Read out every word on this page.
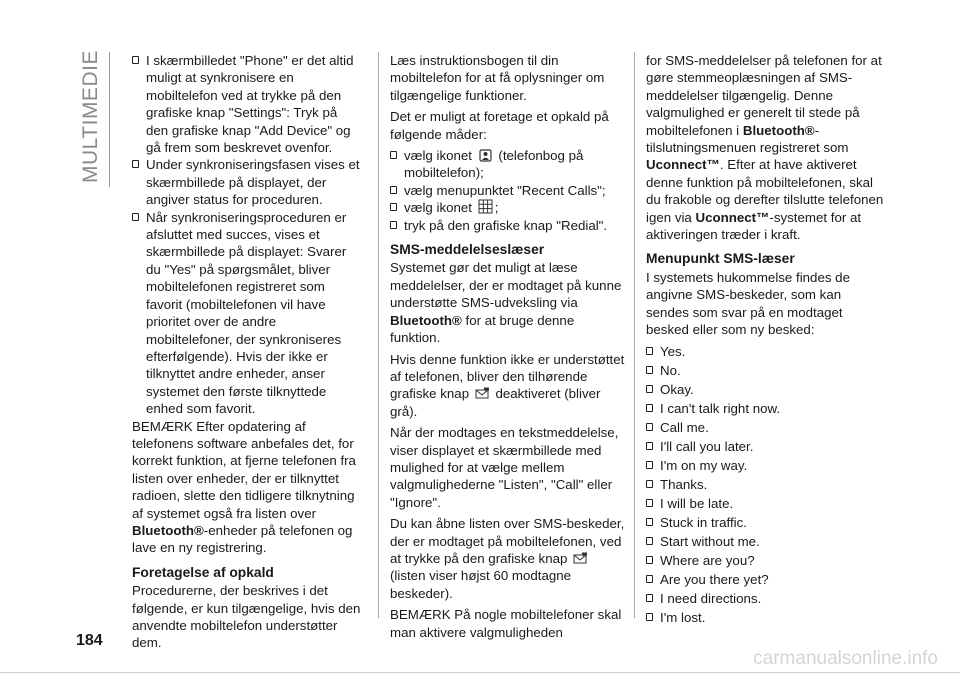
MULTIMEDIE	I skærmbilledet "Phone" er det altid muligt at synkronisere en mobiltelefon ved at trykke på den grafiske knap "Settings": Tryk på den grafiske knap "Add Device" og gå frem som beskrevet ovenfor.

Under synkroniseringsfasen vises et skærmbillede på displayet, der angiver status for proceduren.

Når synkroniseringsproceduren er afsluttet med succes, vises et skærmbillede på displayet: Svarer du "Yes" på spørgsmålet, bliver mobiltelefonen registreret som favorit (mobiltelefonen vil have prioritet over de andre mobiltelefoner, der synkroniseres efterfølgende). Hvis der ikke er tilknyttet andre enheder, anser systemet den første tilknyttede enhed som favorit.

BEMÆRK Efter opdatering af telefonens software anbefales det, for korrekt funktion, at fjerne telefonen fra listen over enheder, der er tilknyttet radioen, slette den tidligere tilknytning af systemet også fra listen over Bluetooth®-enheder på telefonen og lave en ny registrering.

Foretagelse af opkald

Procedurerne, der beskrives i det følgende, er kun tilgængelige, hvis den anvendte mobiltelefon understøtter dem.

Læs instruktionsbogen til din mobiltelefon for at få oplysninger om tilgængelige funktioner.

Det er muligt at foretage et opkald på følgende måder:

vælg ikonet  (telefonbog på mobiltelefon);

vælg menupunktet "Recent Calls";

vælg ikonet ;

tryk på den grafiske knap "Redial".

SMS-meddelelseslæser

Systemet gør det muligt at læse meddelelser, der er modtaget på kunne understøtte SMS-udveksling via Bluetooth® for at bruge denne funktion.

Hvis denne funktion ikke er understøttet af telefonen, bliver den tilhørende grafiske knap  deaktiveret (bliver grå).

Når der modtages en tekstmeddelelse, viser displayet et skærmbillede med mulighed for at vælge mellem valgmulighederne "Listen", "Call" eller "Ignore".

Du kan åbne listen over SMS-beskeder, der er modtaget på mobiltelefonen, ved at trykke på den grafiske knap  (listen viser højst 60 modtagne beskeder).

BEMÆRK På nogle mobiltelefoner skal man aktivere valgmuligheden

for SMS-meddelelser på telefonen for at gøre stemmeoplæsningen af SMS-meddelelser tilgængelig. Denne valgmulighed er generelt til stede på mobiltelefonen i Bluetooth®-tilslutningsmenuen registreret som Uconnect™. Efter at have aktiveret denne funktion på mobiltelefonen, skal du frakoble og derefter tilslutte telefonen igen via Uconnect™-systemet for at aktiveringen træder i kraft.

Menupunkt SMS-læser

I systemets hukommelse findes de angivne SMS-beskeder, som kan sendes som svar på en modtaget besked eller som ny besked:

Yes.

No.

Okay.

I can't talk right now.

Call me.

I'll call you later.

I'm on my way.

Thanks.

I will be late.

Stuck in traffic.

Start without me.

Where are you?

Are you there yet?

I need directions.

I'm lost.

184
carmanualsonline.info
